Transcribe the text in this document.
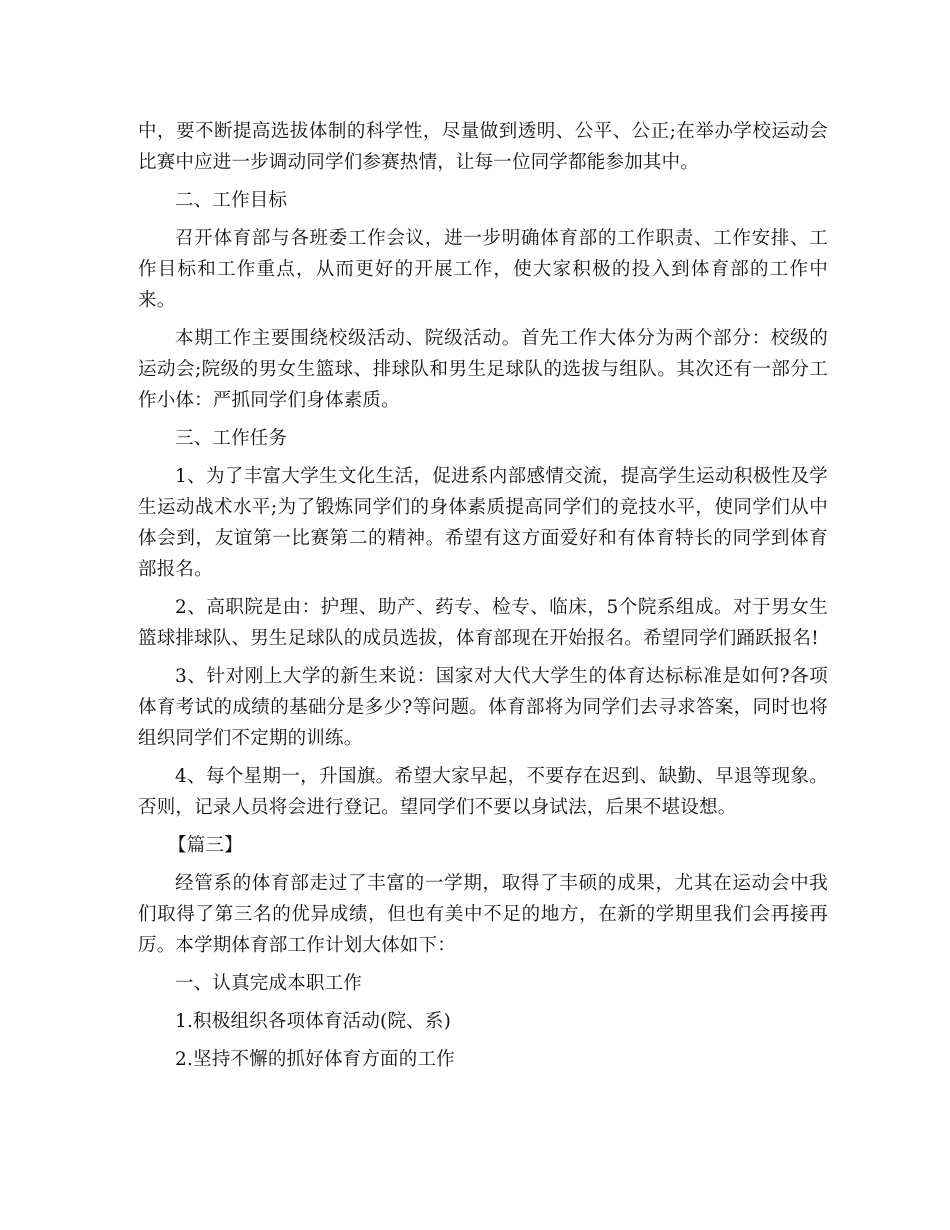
中，要不断提高选拔体制的科学性，尽量做到透明、公平、公正;在举办学校运动会比赛中应进一步调动同学们参赛热情，让每一位同学都能参加其中。

二、工作目标

召开体育部与各班委工作会议，进一步明确体育部的工作职责、工作安排、工作目标和工作重点，从而更好的开展工作，使大家积极的投入到体育部的工作中来。

本期工作主要围绕校级活动、院级活动。首先工作大体分为两个部分：校级的运动会;院级的男女生篮球、排球队和男生足球队的选拔与组队。其次还有一部分工作小体：严抓同学们身体素质。

三、工作任务

1、为了丰富大学生文化生活，促进系内部感情交流，提高学生运动积极性及学生运动战术水平;为了锻炼同学们的身体素质提高同学们的竞技水平，使同学们从中体会到，友谊第一比赛第二的精神。希望有这方面爱好和有体育特长的同学到体育部报名。

2、高职院是由：护理、助产、药专、检专、临床，5个院系组成。对于男女生篮球排球队、男生足球队的成员选拔，体育部现在开始报名。希望同学们踊跃报名!

3、针对刚上大学的新生来说：国家对大代大学生的体育达标标准是如何?各项体育考试的成绩的基础分是多少?等问题。体育部将为同学们去寻求答案，同时也将组织同学们不定期的训练。

4、每个星期一，升国旗。希望大家早起，不要存在迟到、缺勤、早退等现象。否则，记录人员将会进行登记。望同学们不要以身试法，后果不堪设想。

【篇三】

经管系的体育部走过了丰富的一学期，取得了丰硕的成果，尤其在运动会中我们取得了第三名的优异成绩，但也有美中不足的地方，在新的学期里我们会再接再厉。本学期体育部工作计划大体如下：

一、认真完成本职工作

1.积极组织各项体育活动(院、系)

2.坚持不懈的抓好体育方面的工作
